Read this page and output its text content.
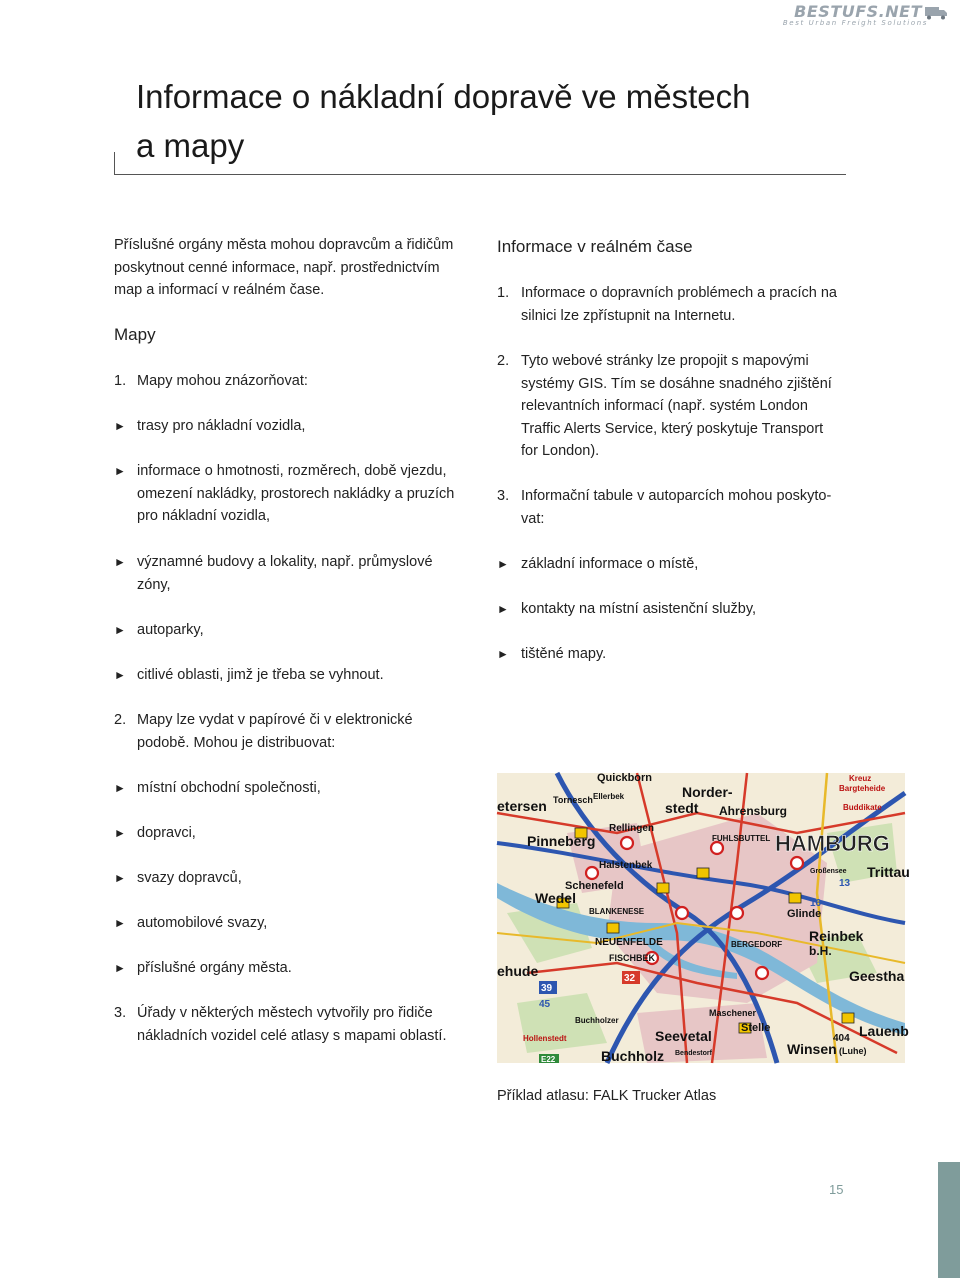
BESTUFS.NET
Best Urban Freight Solutions
Informace o nákladní dopravě ve městech
a mapy

Příslušné orgány města mohou dopravcům a řidičům
poskytnout cenné informace, např. prostřednictvím
map a informací v reálném čase.

Mapy

1. Mapy mohou znázorňovat:
► trasy pro nákladní vozidla,
► informace o hmotnosti, rozměrech, době vjezdu,
omezení nakládky, prostorech nakládky a pruzích
pro nákladní vozidla,
► významné budovy a lokality, např. průmyslové
zóny,
► autoparky,
► citlivé oblasti, jimž je třeba se vyhnout.
2. Mapy lze vydat v papírové či v elektronické
podobě. Mohou je distribuovat:
► místní obchodní společnosti,
► dopravci,
► svazy dopravců,
► automobilové svazy,
► příslušné orgány města.
3. Úřady v některých městech vytvořily pro řidiče
nákladních vozidel celé atlasy s mapami oblastí.

Informace v reálném čase

1. Informace o dopravních problémech a pracích na
silnici lze zpřístupnit na Internetu.
2. Tyto webové stránky lze propojit s mapovými
systémy GIS. Tím se dosáhne snadného zjištění
relevantních informací (např. systém London
Traffic Alerts Service, který poskytuje Transport
for London).
3. Informační tabule v autoparcích mohou poskyto-
vat:
► základní informace o místě,
► kontakty na místní asistenční služby,
► tištěné mapy.
Quickborn
Ellerbek
Bargteheide
Kreuz
etersen Tornesch	Norder-
stedt Ahrensburg	Buddikate
Pinneberg
Rellingen
FUHLSBUTTEL HAMBURG
Trittau
Halstenbek
Schenefeld
Großensee
Wedel
BLANKENESE	Glinde
NEUENFELDE
FISCHBEK
BERGEDORF
Reinbek
b.H.
ehude	Geestha
Buchholzer
Maschener
Stelle
Hollenstedt	Seevetal
Winsen (Luhe)
Lauenb
Buchholz Bendestorf
39
32
45
13
16
404
E22

Příklad atlasu: FALK Trucker Atlas

15
